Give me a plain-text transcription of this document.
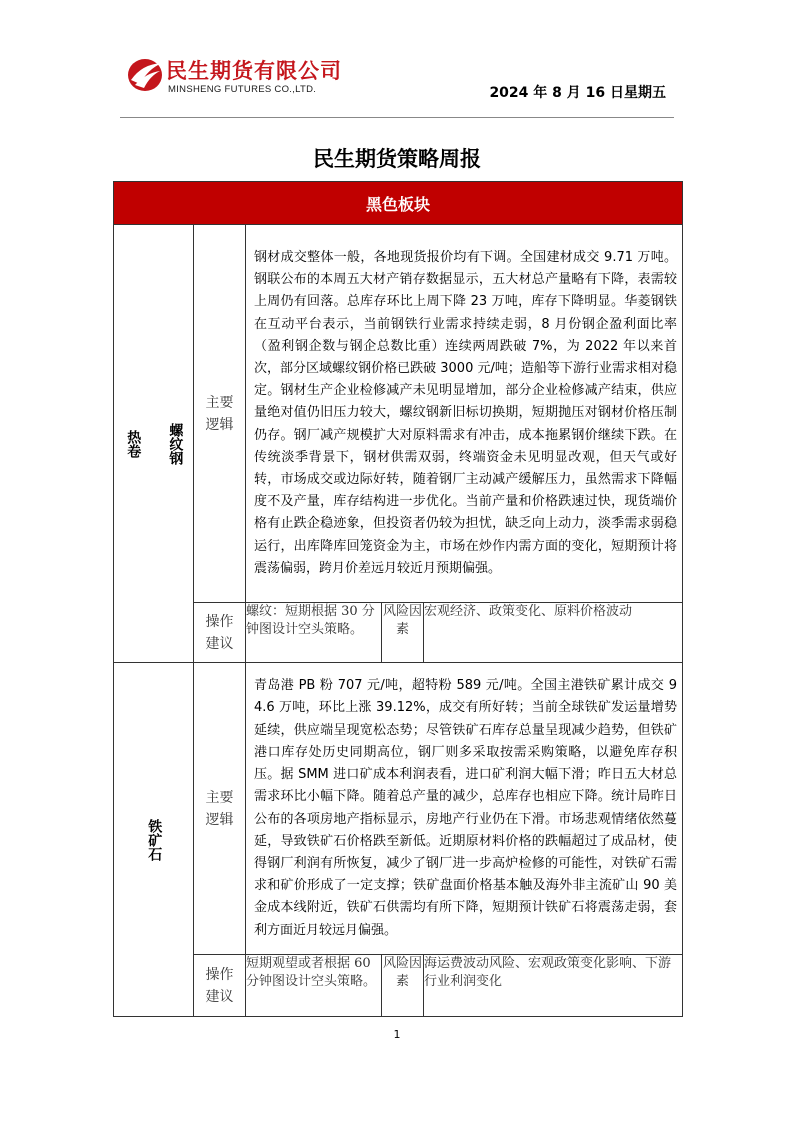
民生期货有限公司
MINSHENG FUTURES CO.,LTD.	2024 年 8 月 16 日星期五
民生期货策略周报
黑色板块				

热卷 螺纹钢	主要逻辑	钢材成交整体一般，各地现货报价均有下调。全国建材成交 9.71 万吨。钢联公布的本周五大材产销存数据显示，五大材总产量略有下降，表需较上周仍有回落。总库存环比上周下降 23 万吨，库存下降明显。华菱钢铁在互动平台表示，当前钢铁行业需求持续走弱，8 月份钢企盈利面比率（盈利钢企数与钢企总数比重）连续两周跌破 7%，为 2022 年以来首次，部分区域螺纹钢价格已跌破 3000 元/吨；造船等下游行业需求相对稳定。钢材生产企业检修减产未见明显增加，部分企业检修减产结束，供应量绝对值仍旧压力较大，螺纹钢新旧标切换期，短期抛压对钢材价格压制仍存。钢厂减产规模扩大对原料需求有冲击，成本拖累钢价继续下跌。在传统淡季背景下，钢材供需双弱，终端资金未见明显改观，但天气或好转，市场成交或边际好转，随着钢厂主动减产缓解压力，虽然需求下降幅度不及产量，库存结构进一步优化。当前产量和价格跌速过快，现货端价格有止跌企稳迹象，但投资者仍较为担忧，缺乏向上动力，淡季需求弱稳运行，出库降库回笼资金为主，市场在炒作内需方面的变化，短期预计将震荡偏弱，跨月价差远月较近月预期偏强。		

	操作建议	螺纹：短期根据 30 分钟图设计空头策略。	风险因素	宏观经济、政策变化、原料价格波动

铁矿石	主要逻辑	青岛港 PB 粉 707 元/吨，超特粉 589 元/吨。全国主港铁矿累计成交 94.6 万吨，环比上涨 39.12%，成交有所好转；当前全球铁矿发运量增势延续，供应端呈现宽松态势；尽管铁矿石库存总量呈现减少趋势，但铁矿港口库存处历史同期高位，钢厂则多采取按需采购策略，以避免库存积压。据 SMM 进口矿成本利润表看，进口矿利润大幅下滑；昨日五大材总需求环比小幅下降。随着总产量的减少，总库存也相应下降。统计局昨日公布的各项房地产指标显示，房地产行业仍在下滑。市场悲观情绪依然蔓延，导致铁矿石价格跌至新低。近期原材料价格的跌幅超过了成品材，使得钢厂利润有所恢复，减少了钢厂进一步高炉检修的可能性，对铁矿石需求和矿价形成了一定支撑；铁矿盘面价格基本触及海外非主流矿山 90 美金成本线附近，铁矿石供需均有所下降，短期预计铁矿石将震荡走弱，套利方面近月较远月偏强。		

	操作建议	短期观望或者根据 60 分钟图设计空头策略。	风险因素	海运费波动风险、宏观政策变化影响、下游行业利润变化
1
